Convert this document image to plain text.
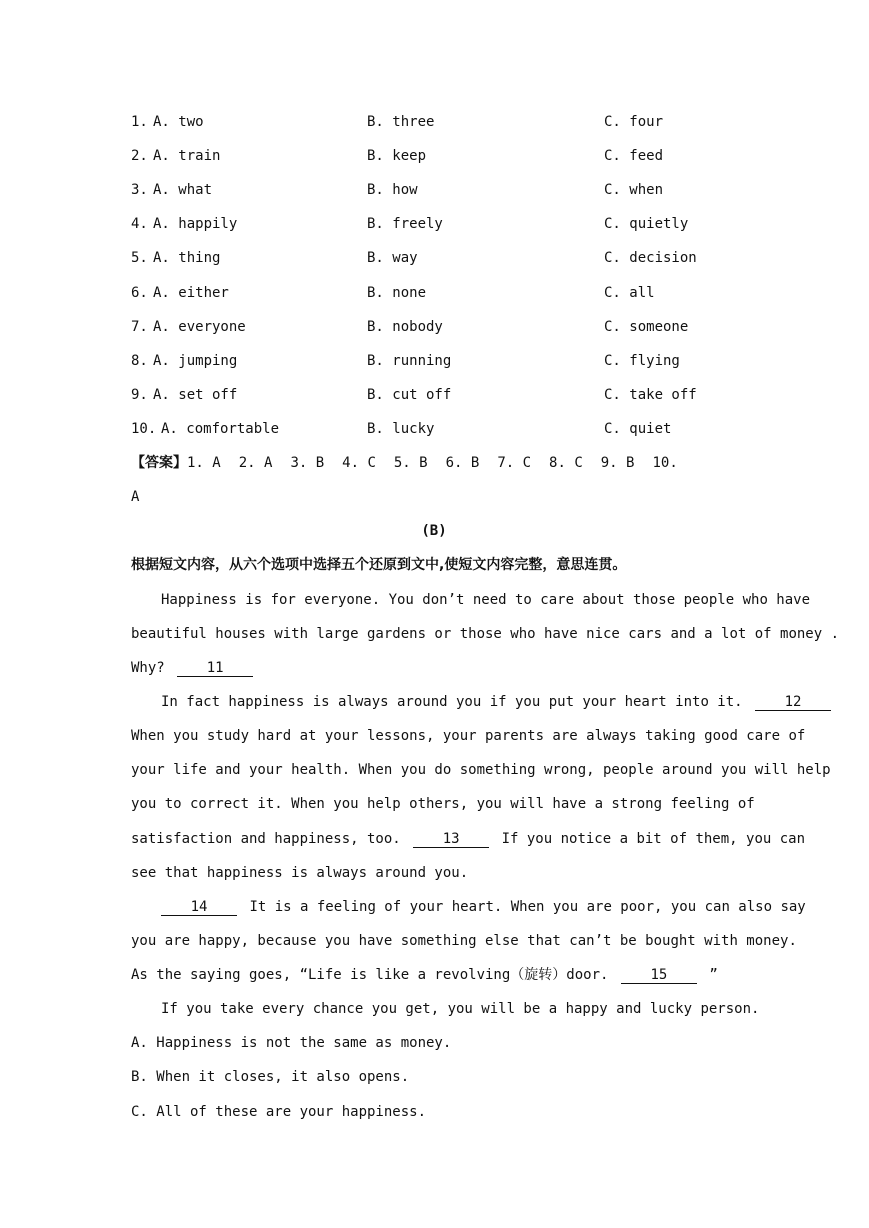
1. A. two	B. three	C. four
2. A. train	B. keep	C. feed
3. A. what	B. how	C. when
4. A. happily	B. freely	C. quietly
5. A. thing	B. way	C. decision
6. A. either	B. none	C. all
7. A. everyone	B. nobody	C. someone
8. A. jumping	B. running	C. flying
9. A. set off	B. cut off	C. take off
10. A. comfortable	B. lucky	C. quiet
【答案】1. A 2. A 3. B 4. C 5. B 6. B 7. C 8. C 9. B 10.
A
(B)
根据短文内容，从六个选项中选择五个还原到文中,使短文内容完整，意思连贯。
Happiness is for everyone. You don’t need to care about those people who have
beautiful houses with large gardens or those who have nice cars and a lot of money .
Why?	11
In fact happiness is always around you if you put your heart into it.	12
When you study hard at your lessons, your parents are always taking good care of
your life and your health. When you do something wrong, people around you will help
you to correct it. When you help others, you will have a strong feeling of
satisfaction and happiness, too.	13	If you notice a bit of them, you can
see that happiness is always around you.
14	It is a feeling of your heart. When you are poor, you can also say
you are happy, because you have something else that can’t be bought with money.
As the saying goes, “Life is like a revolving（旋转）door.	15	”
If you take every chance you get, you will be a happy and lucky person.
A. Happiness is not the same as money.
B. When it closes, it also opens.
C. All of these are your happiness.
